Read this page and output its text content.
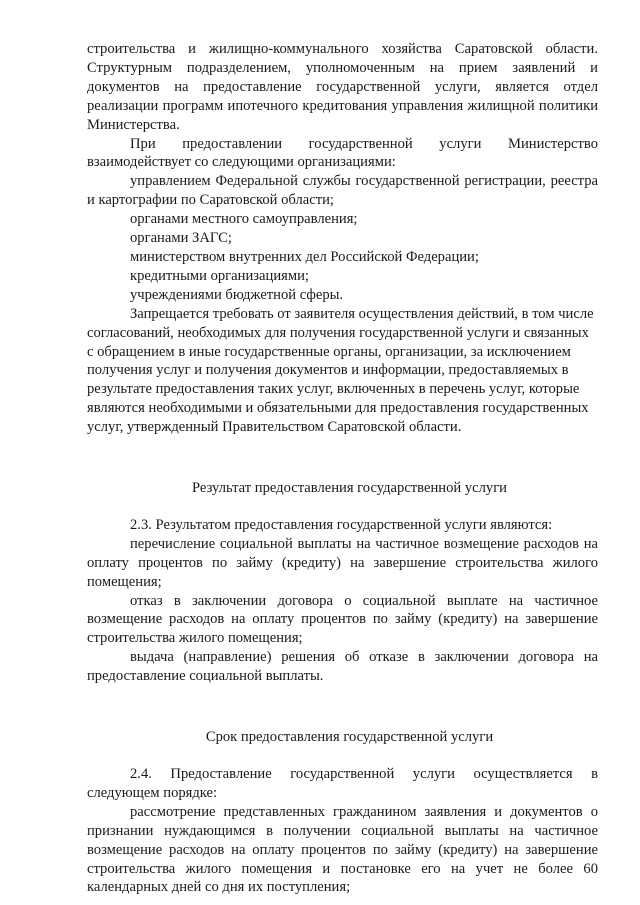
строительства и жилищно-коммунального хозяйства Саратовской области. Структурным подразделением, уполномоченным на прием заявлений и документов на предоставление государственной услуги, является отдел реализации программ ипотечного кредитования управления жилищной политики Министерства.

При предоставлении государственной услуги Министерство взаимодействует со следующими организациями:

управлением Федеральной службы государственной регистрации, реестра и картографии по Саратовской области;

органами местного самоуправления;

органами ЗАГС;

министерством внутренних дел Российской Федерации;

кредитными организациями;

учреждениями бюджетной сферы.

Запрещается требовать от заявителя осуществления действий, в том числе согласований, необходимых для получения государственной услуги и связанных с обращением в иные государственные органы, организации, за исключением получения услуг и получения документов и информации, предоставляемых в результате предоставления таких услуг, включенных в перечень услуг, которые являются необходимыми и обязательными для предоставления государственных услуг, утвержденный Правительством Саратовской области.

Результат предоставления государственной услуги

2.3. Результатом предоставления государственной услуги являются:

перечисление социальной выплаты на частичное возмещение расходов на оплату процентов по займу (кредиту) на завершение строительства жилого помещения;

отказ в заключении договора о социальной выплате на частичное возмещение расходов на оплату процентов по займу (кредиту) на завершение строительства жилого помещения;

выдача (направление) решения об отказе в заключении договора на предоставление социальной выплаты.

Срок предоставления государственной услуги

2.4. Предоставление государственной услуги осуществляется в следующем порядке:

рассмотрение представленных гражданином заявления и документов о признании нуждающимся в получении социальной выплаты на частичное возмещение расходов на оплату процентов по займу (кредиту) на завершение строительства жилого помещения и постановке его на учет не более 60 календарных дней со дня их поступления;
